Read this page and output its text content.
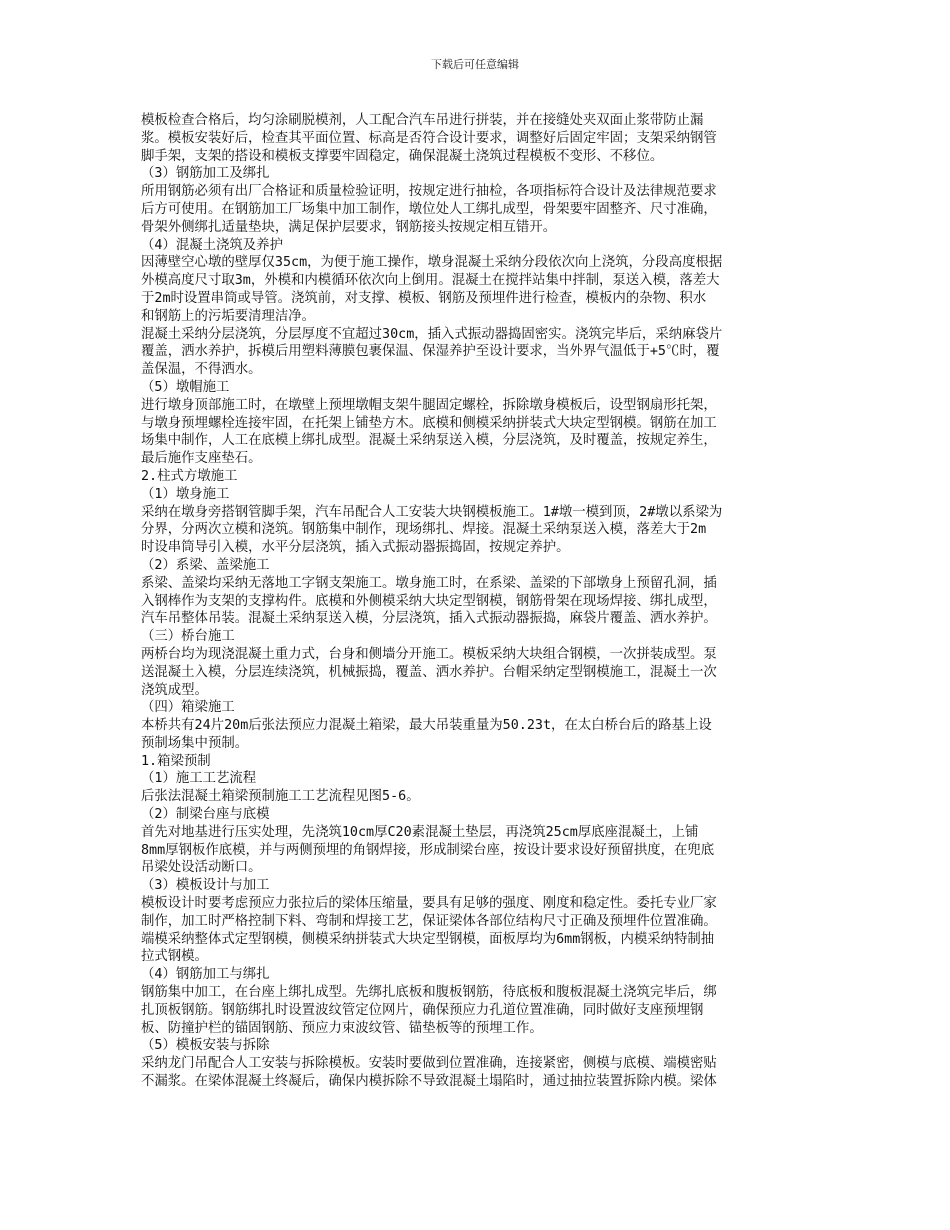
下载后可任意编辑
模板检查合格后，均匀涂刷脱模剂，人工配合汽车吊进行拼装，并在接缝处夹双面止浆带防止漏
浆。模板安装好后，检查其平面位置、标高是否符合设计要求，调整好后固定牢固；支架采纳钢管
脚手架，支架的搭设和模板支撑要牢固稳定，确保混凝土浇筑过程模板不变形、不移位。
（3）钢筋加工及绑扎
所用钢筋必须有出厂合格证和质量检验证明，按规定进行抽检，各项指标符合设计及法律规范要求
后方可使用。在钢筋加工厂场集中加工制作，墩位处人工绑扎成型，骨架要牢固整齐、尺寸准确，
骨架外侧绑扎适量垫块，满足保护层要求，钢筋接头按规定相互错开。
（4）混凝土浇筑及养护
因薄壁空心墩的壁厚仅35cm，为便于施工操作，墩身混凝土采纳分段依次向上浇筑，分段高度根据
外模高度尺寸取3m，外模和内模循环依次向上倒用。混凝土在搅拌站集中拌制，泵送入模，落差大
于2m时设置串筒或导管。浇筑前，对支撑、模板、钢筋及预埋件进行检查，模板内的杂物、积水
和钢筋上的污垢要清理洁净。
混凝土采纳分层浇筑，分层厚度不宜超过30cm，插入式振动器捣固密实。浇筑完毕后，采纳麻袋片
覆盖，洒水养护，拆模后用塑料薄膜包裹保温、保湿养护至设计要求，当外界气温低于+5℃时，覆
盖保温，不得洒水。
（5）墩帽施工
进行墩身顶部施工时，在墩壁上预埋墩帽支架牛腿固定螺栓，拆除墩身模板后，设型钢扇形托架，
与墩身预埋螺栓连接牢固，在托架上铺垫方木。底模和侧模采纳拼装式大块定型钢模。钢筋在加工
场集中制作，人工在底模上绑扎成型。混凝土采纳泵送入模，分层浇筑，及时覆盖，按规定养生，
最后施作支座垫石。
2.柱式方墩施工
（1）墩身施工
采纳在墩身旁搭钢管脚手架，汽车吊配合人工安装大块钢模板施工。1#墩一模到顶，2#墩以系梁为
分界，分两次立模和浇筑。钢筋集中制作，现场绑扎、焊接。混凝土采纳泵送入模，落差大于2m
时设串筒导引入模，水平分层浇筑，插入式振动器振捣固，按规定养护。
（2）系梁、盖梁施工
系梁、盖梁均采纳无落地工字钢支架施工。墩身施工时，在系梁、盖梁的下部墩身上预留孔洞，插
入钢棒作为支架的支撑构件。底模和外侧模采纳大块定型钢模，钢筋骨架在现场焊接、绑扎成型，
汽车吊整体吊装。混凝土采纳泵送入模，分层浇筑，插入式振动器振捣，麻袋片覆盖、洒水养护。
（三）桥台施工
两桥台均为现浇混凝土重力式，台身和侧墙分开施工。模板采纳大块组合钢模，一次拼装成型。泵
送混凝土入模，分层连续浇筑，机械振捣，覆盖、洒水养护。台帽采纳定型钢模施工，混凝土一次
浇筑成型。
（四）箱梁施工
本桥共有24片20m后张法预应力混凝土箱梁，最大吊装重量为50.23t，在太白桥台后的路基上设
预制场集中预制。
1.箱梁预制
（1）施工工艺流程
后张法混凝土箱梁预制施工工艺流程见图5-6。
（2）制梁台座与底模
首先对地基进行压实处理，先浇筑10cm厚C20素混凝土垫层，再浇筑25cm厚底座混凝土，上铺
8mm厚钢板作底模，并与两侧预埋的角钢焊接，形成制梁台座，按设计要求设好预留拱度，在兜底
吊梁处设活动断口。
（3）模板设计与加工
模板设计时要考虑预应力张拉后的梁体压缩量，要具有足够的强度、刚度和稳定性。委托专业厂家
制作，加工时严格控制下料、弯制和焊接工艺，保证梁体各部位结构尺寸正确及预埋件位置准确。
端模采纳整体式定型钢模，侧模采纳拼装式大块定型钢模，面板厚均为6mm钢板，内模采纳特制抽
拉式钢模。
（4）钢筋加工与绑扎
钢筋集中加工，在台座上绑扎成型。先绑扎底板和腹板钢筋，待底板和腹板混凝土浇筑完毕后，绑
扎顶板钢筋。钢筋绑扎时设置波纹管定位网片，确保预应力孔道位置准确，同时做好支座预埋钢
板、防撞护栏的锚固钢筋、预应力束波纹管、锚垫板等的预埋工作。
（5）模板安装与拆除
采纳龙门吊配合人工安装与拆除模板。安装时要做到位置准确，连接紧密，侧模与底模、端模密贴
不漏浆。在梁体混凝土终凝后，确保内模拆除不导致混凝土塌陷时，通过抽拉装置拆除内模。梁体
